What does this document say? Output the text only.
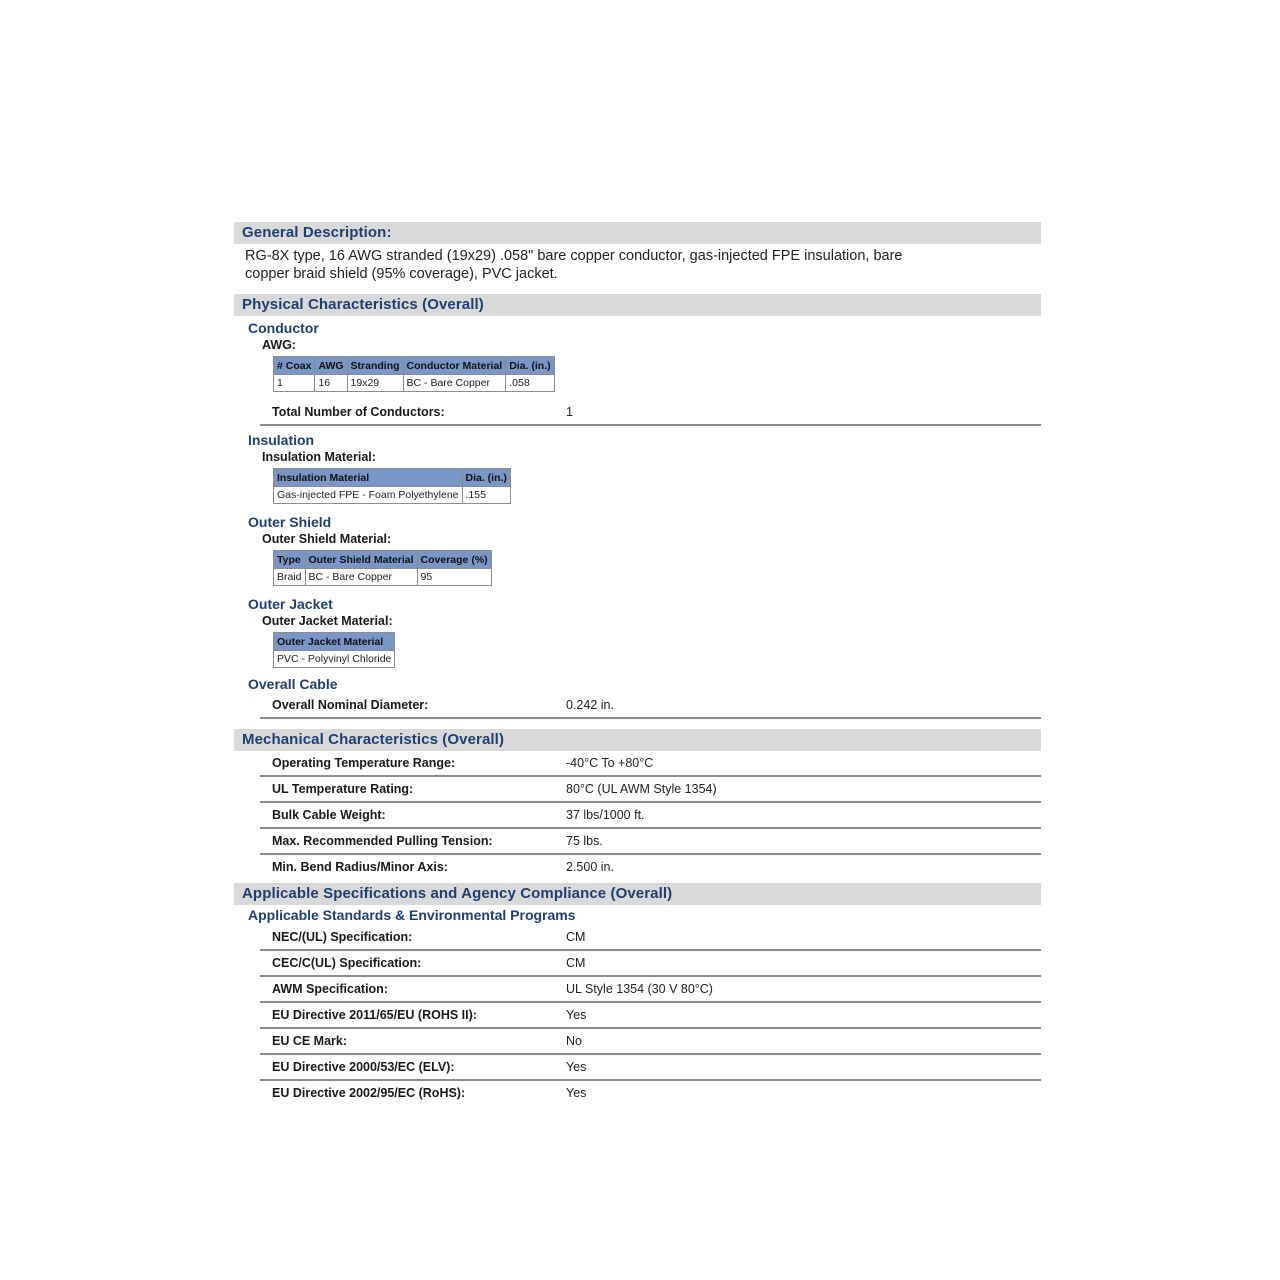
General Description:
RG-8X type, 16 AWG stranded (19x29) .058" bare copper conductor, gas-injected FPE insulation, bare copper braid shield (95% coverage), PVC jacket.
Physical Characteristics (Overall)
Conductor
AWG:
# Coax	AWG	Stranding	Conductor Material	Dia. (in.)
1	16	19x29	BC - Bare Copper	.058
Total Number of Conductors:	1
Insulation
Insulation Material:
Insulation Material	Dia. (in.)
Gas-injected FPE - Foam Polyethylene	.155
Outer Shield
Outer Shield Material:
Type	Outer Shield Material	Coverage (%)
Braid	BC - Bare Copper	95
Outer Jacket
Outer Jacket Material:
Outer Jacket Material
PVC - Polyvinyl Chloride
Overall Cable
Overall Nominal Diameter:	0.242 in.
Mechanical Characteristics (Overall)
Operating Temperature Range:	-40°C To +80°C
UL Temperature Rating:	80°C (UL AWM Style 1354)
Bulk Cable Weight:	37 lbs/1000 ft.
Max. Recommended Pulling Tension:	75 lbs.
Min. Bend Radius/Minor Axis:	2.500 in.
Applicable Specifications and Agency Compliance (Overall)
Applicable Standards & Environmental Programs
NEC/(UL) Specification:	CM
CEC/C(UL) Specification:	CM
AWM Specification:	UL Style 1354 (30 V 80°C)
EU Directive 2011/65/EU (ROHS II):	Yes
EU CE Mark:	No
EU Directive 2000/53/EC (ELV):	Yes
EU Directive 2002/95/EC (RoHS):	Yes
